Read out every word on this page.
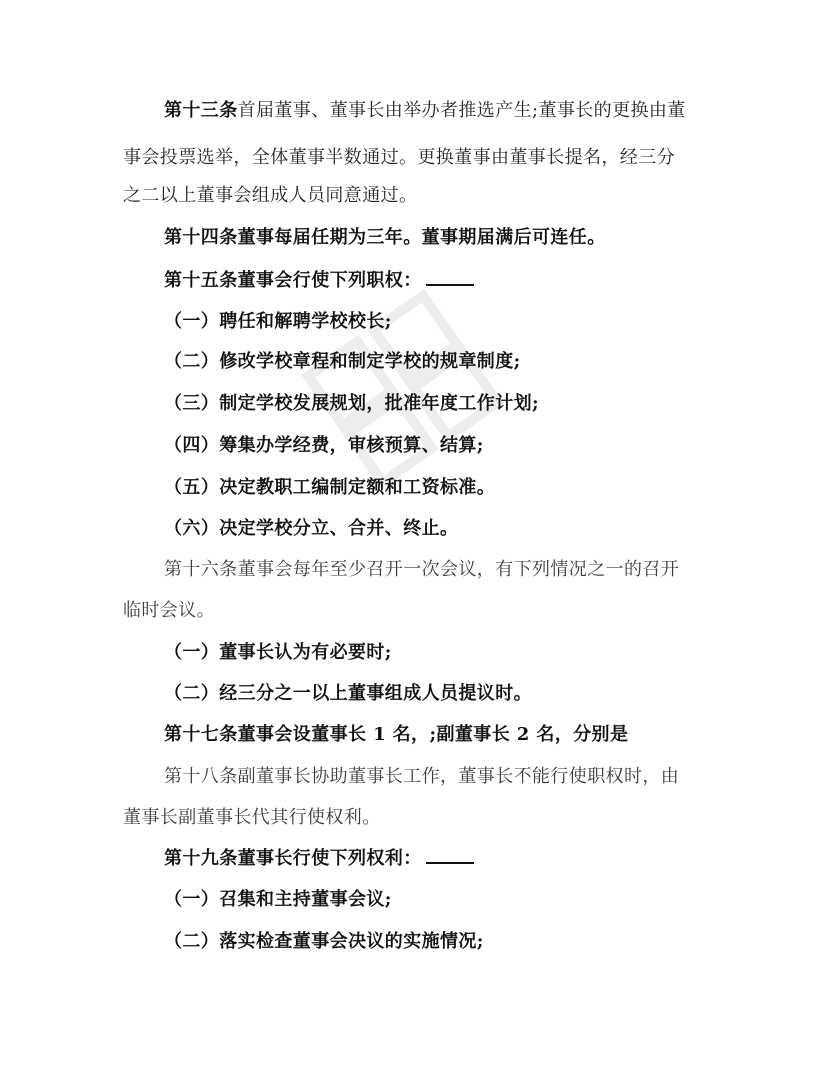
第十三条首届董事、董事长由举办者推选产生;董事长的更换由董
事会投票选举，全体董事半数通过。更换董事由董事长提名，经三分
之二以上董事会组成人员同意通过。
第十四条董事每届任期为三年。董事期届满后可连任。
第十五条董事会行使下列职权：
（一）聘任和解聘学校校长;
（二）修改学校章程和制定学校的规章制度;
（三）制定学校发展规划，批准年度工作计划;
（四）筹集办学经费，审核预算、结算;
（五）决定教职工编制定额和工资标准。
（六）决定学校分立、合并、终止。
第十六条董事会每年至少召开一次会议，有下列情况之一的召开
临时会议。
（一）董事长认为有必要时;
（二）经三分之一以上董事组成人员提议时。
第十七条董事会设董事长 1 名，;副董事长 2 名，分别是
第十八条副董事长协助董事长工作，董事长不能行使职权时，由
董事长副董事长代其行使权利。
第十九条董事长行使下列权利：
（一）召集和主持董事会议;
（二）落实检查董事会决议的实施情况;
